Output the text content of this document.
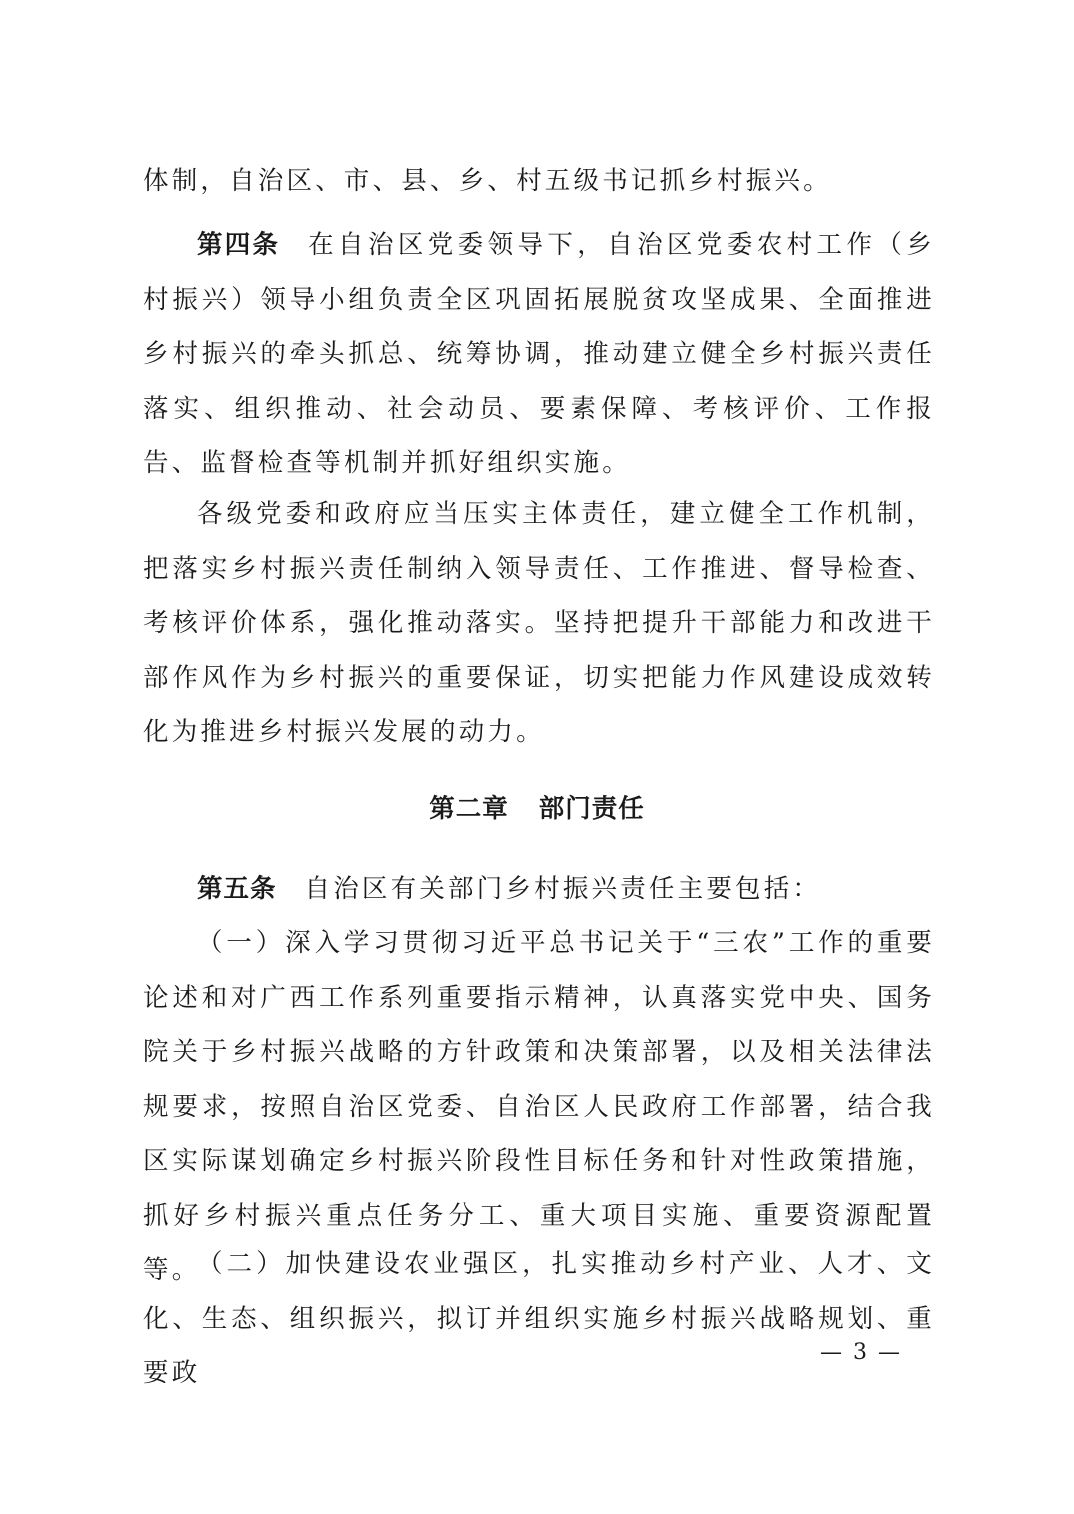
体制，自治区、市、县、乡、村五级书记抓乡村振兴。

第四条 在自治区党委领导下，自治区党委农村工作（乡村振兴）领导小组负责全区巩固拓展脱贫攻坚成果、全面推进乡村振兴的牵头抓总、统筹协调，推动建立健全乡村振兴责任落实、组织推动、社会动员、要素保障、考核评价、工作报告、监督检查等机制并抓好组织实施。

各级党委和政府应当压实主体责任，建立健全工作机制，把落实乡村振兴责任制纳入领导责任、工作推进、督导检查、考核评价体系，强化推动落实。坚持把提升干部能力和改进干部作风作为乡村振兴的重要保证，切实把能力作风建设成效转化为推进乡村振兴发展的动力。

第二章 部门责任

第五条 自治区有关部门乡村振兴责任主要包括：

（一）深入学习贯彻习近平总书记关于“三农”工作的重要论述和对广西工作系列重要指示精神，认真落实党中央、国务院关于乡村振兴战略的方针政策和决策部署，以及相关法律法规要求，按照自治区党委、自治区人民政府工作部署，结合我区实际谋划确定乡村振兴阶段性目标任务和针对性政策措施，抓好乡村振兴重点任务分工、重大项目实施、重要资源配置等。

（二）加快建设农业强区，扎实推动乡村产业、人才、文化、生态、组织振兴，拟订并组织实施乡村振兴战略规划、重要政

— 3 —
